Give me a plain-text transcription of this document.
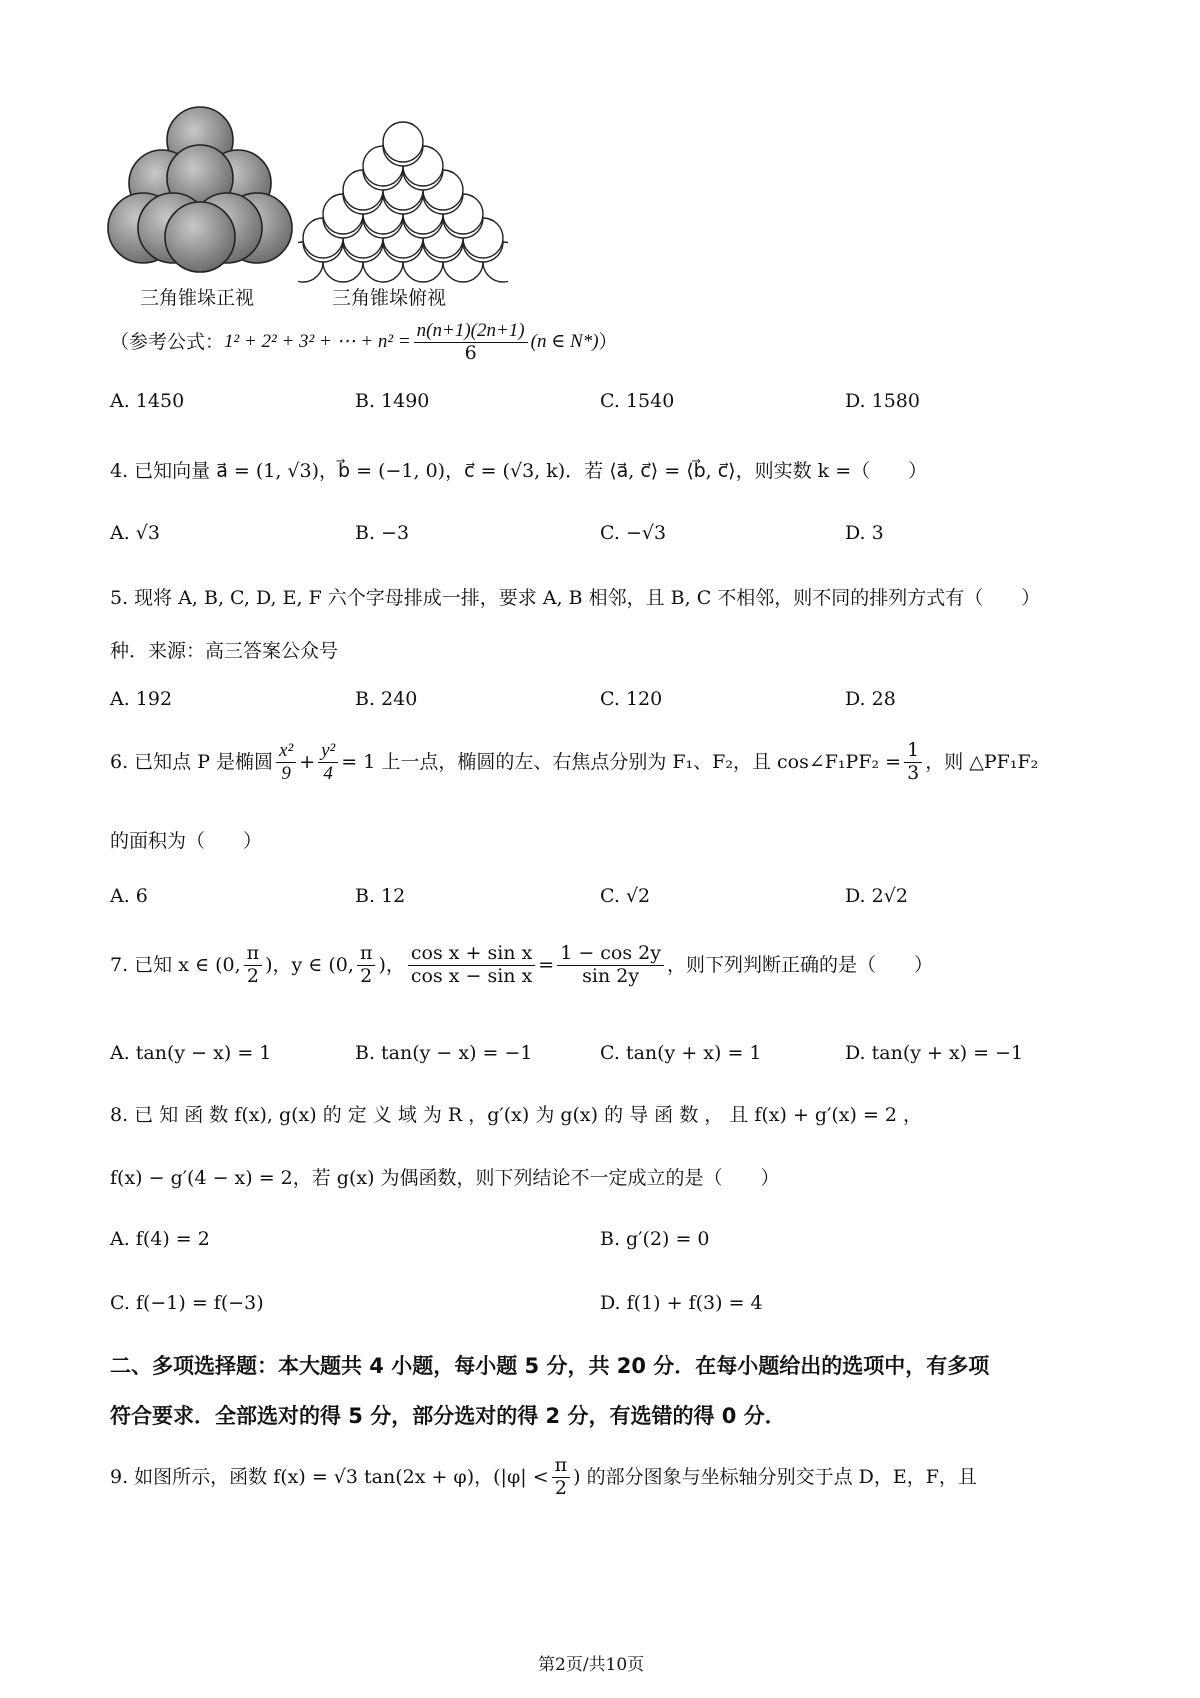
三角锥垛正视	三角锥垛俯视
（参考公式： 1² + 2² + 3² + ⋯ + $n^2 = \frac{n(n+1)(2n+1)}{6} (n$ ∈ N*) ）
A. 1450	B. 1490	C. 1540	D. 1580
4. 已知向量 a⃗ = (1, √3)，b⃗ = (−1, 0)，c⃗ = (√3, k)．若 ⟨a⃗, c⃗⟩ = ⟨b⃗, c⃗⟩，则实数 k =（　　）
A. √3	B. −3	C. −√3	D. 3
5. 现将 A, B, C, D, E, F 六个字母排成一排，要求 A, B 相邻，且 B, C 不相邻，则不同的排列方式有（　　）
种．来源：高三答案公众号
A. 192	B. 240	C. 120	D. 28
6. 已知点 P 是椭圆 $\frac{\text{x²}}{9} + \frac{\text{y²}}{4} = 1$ 上一点，椭圆的左、右焦点分别为 F₁、F₂，且 cos∠F₁PF₂ = $\frac{1}{3}$ ，则 △PF₁F₂
的面积为（　　）
A. 6	B. 12	C. √2	D. 2√2
7. 已知 x ∈ (0, $\frac{\pi}{2}$ )，y ∈ (0, $\frac{\pi}{2}$ )， $\frac{\text{cos x + sin x}}{\text{cos x − sin x}} = \frac{1 - \cos 2y}{\sin 2y}$ ，则下列判断正确的是（　　）
A. tan(y − x) = 1	B. tan(y − x) = −1	C. tan(y + x) = 1	D. tan(y + x) = −1
8. 已 知 函 数 f(x), g(x) 的 定 义 域 为 R ，g′(x) 为 g(x) 的 导 函 数 ， 且 f(x) + g′(x) = 2 ，
f(x) − g′(4 − x) = 2，若 g(x) 为偶函数，则下列结论不一定成立的是（　　）
A. f(4) = 2	B. g′(2) = 0
C. f(−1) = f(−3)	D. f(1) + f(3) = 4
二、多项选择题：本大题共 4 小题，每小题 5 分，共 20 分．在每小题给出的选项中，有多项
符合要求．全部选对的得 5 分，部分选对的得 2 分，有选错的得 0 分．
9. 如图所示，函数 f(x) = √3 tan(2x + φ)，($|\varphi| < \frac{\pi}{2}$ ) 的部分图象与坐标轴分别交于点 D，E，F，且
第2页/共10页
